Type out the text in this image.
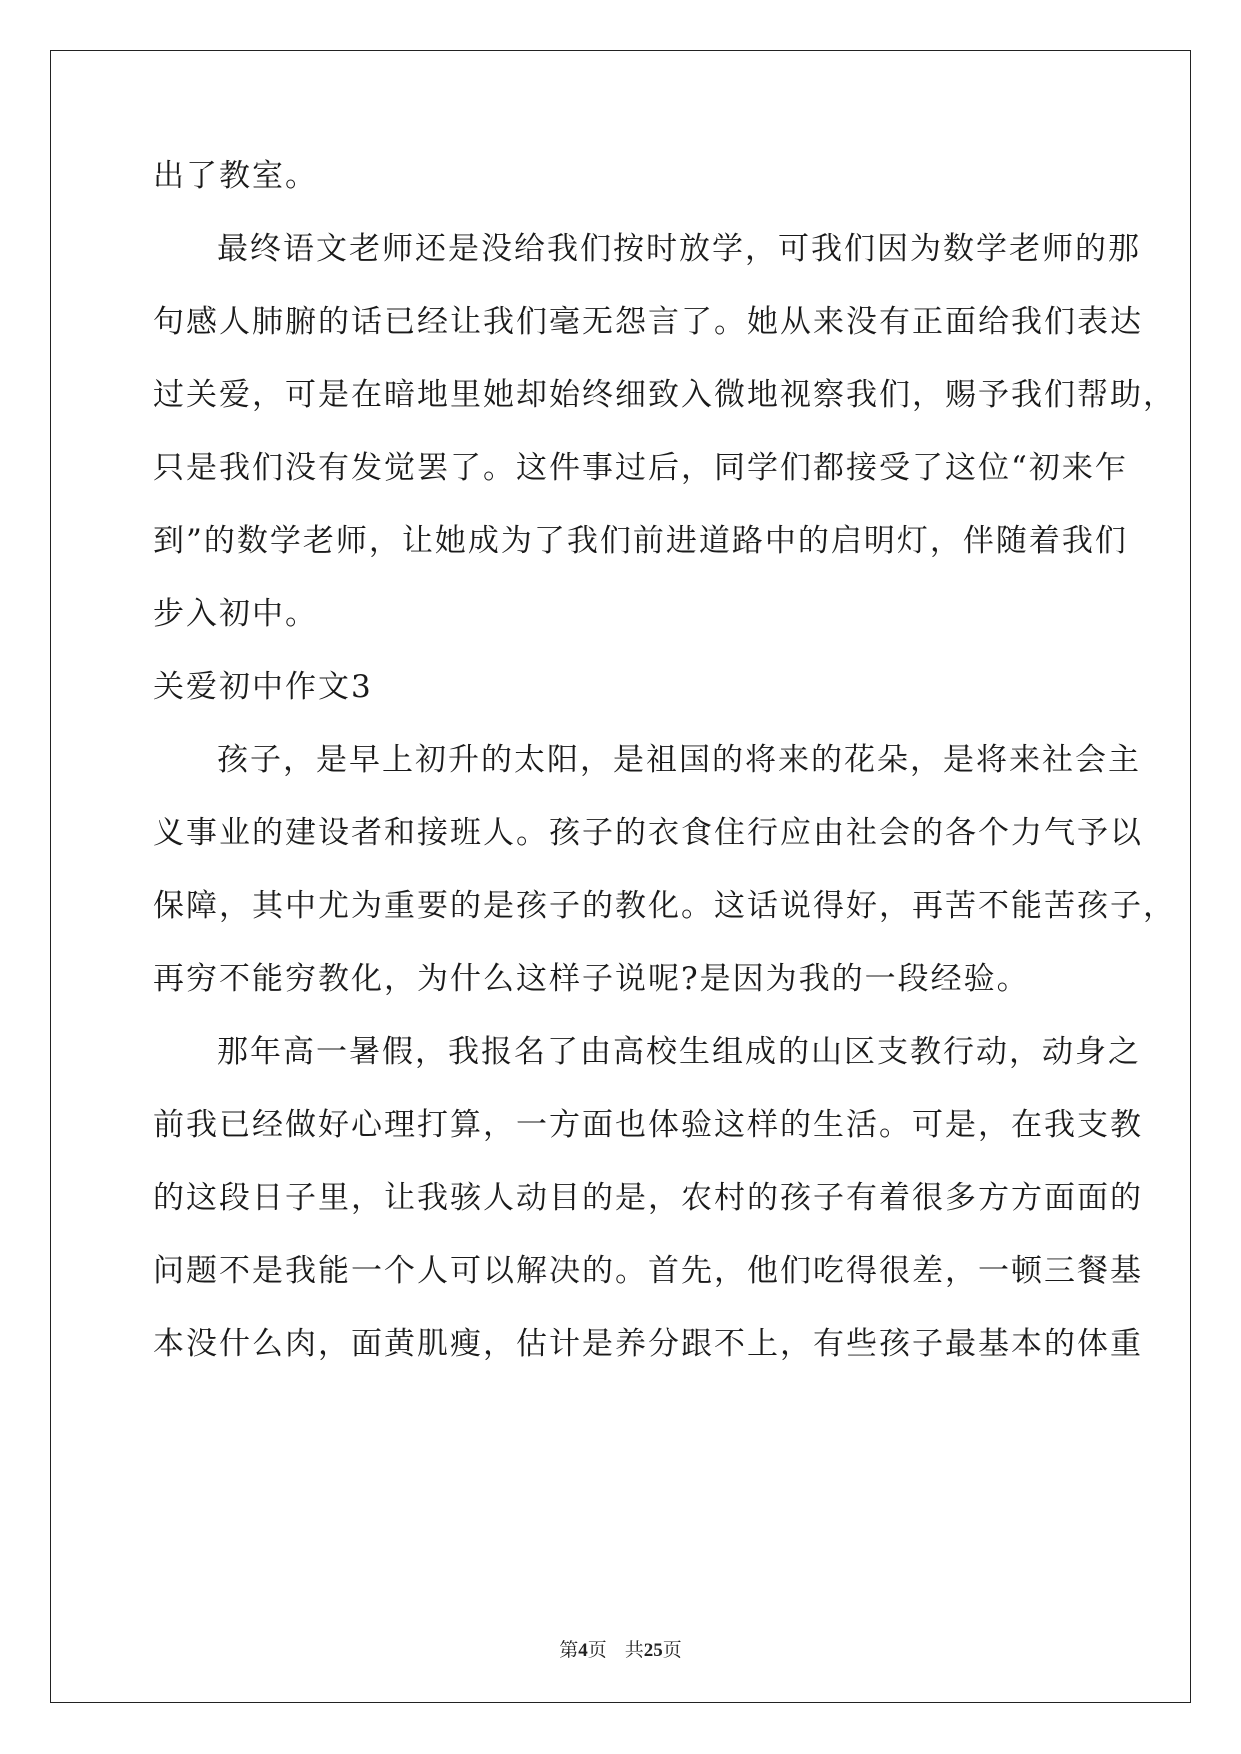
出了教室。
最终语文老师还是没给我们按时放学，可我们因为数学老师的那
句感人肺腑的话已经让我们毫无怨言了。她从来没有正面给我们表达
过关爱，可是在暗地里她却始终细致入微地视察我们，赐予我们帮助，
只是我们没有发觉罢了。这件事过后，同学们都接受了这位“初来乍
到”的数学老师，让她成为了我们前进道路中的启明灯，伴随着我们
步入初中。
关爱初中作文3
孩子，是早上初升的太阳，是祖国的将来的花朵，是将来社会主
义事业的建设者和接班人。孩子的衣食住行应由社会的各个力气予以
保障，其中尤为重要的是孩子的教化。这话说得好，再苦不能苦孩子，
再穷不能穷教化，为什么这样子说呢?是因为我的一段经验。
那年高一暑假，我报名了由高校生组成的山区支教行动，动身之
前我已经做好心理打算，一方面也体验这样的生活。可是，在我支教
的这段日子里，让我骇人动目的是，农村的孩子有着很多方方面面的
问题不是我能一个人可以解决的。首先，他们吃得很差，一顿三餐基
本没什么肉，面黄肌瘦，估计是养分跟不上，有些孩子最基本的体重
第4页 共25页
